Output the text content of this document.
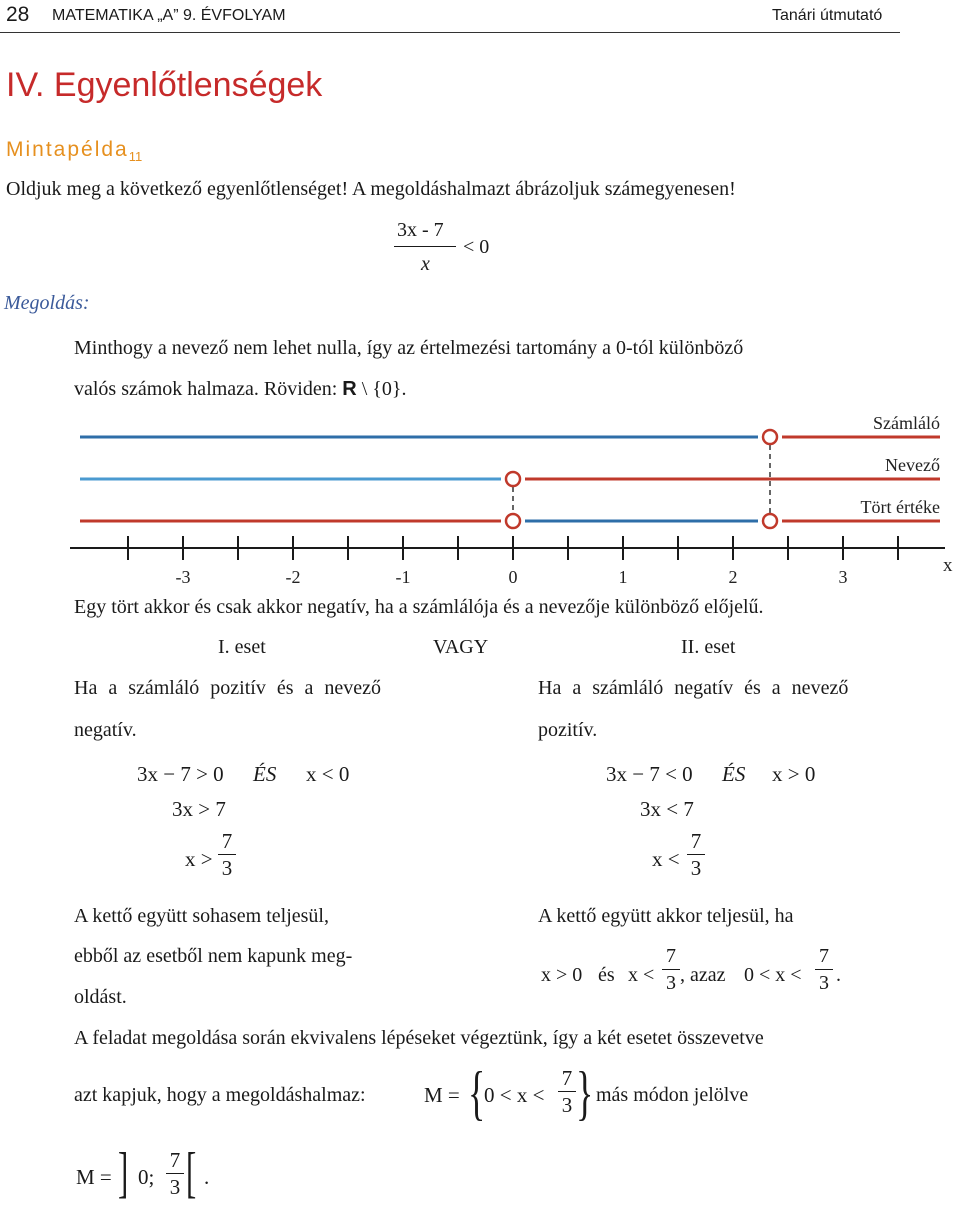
28 MATEMATIKA „A” 9. ÉVFOLYAM	Tanári útmutató
IV. Egyenlőtlenségek
Mintapélda$_{11}$
Oldjuk meg a következő egyenlőtlenséget! A megoldáshalmazt ábrázoljuk számegyenesen!
3x - 7
x
< 0
Megoldás:
Minthogy a nevező nem lehet nulla, így az értelmezési tartomány a 0-tól különböző
valós számok halmaza. Röviden: R \ {0}.
-3	-2	-1	0	1	2	3
Számláló
Nevező
Tört értéke
x
Egy tört akkor és csak akkor negatív, ha a számlálója és a nevezője különböző előjelű.
I. eset	VAGY	II. eset
Ha a számláló pozitív és a nevező
negatív.
3x − 7 > 0 ÉS x < 0
3x > 7
x >
7
3
A kettő együtt sohasem teljesül,
ebből az esetből nem kapunk meg-
oldást.
Ha a számláló negatív és a nevező
pozitív.
3x − 7 < 0 ÉS x > 0
3x < 7
x <
7
3
A kettő együtt akkor teljesül, ha
x > 0 és x <
7
3 , azaz 0 < x <
7
3 .
A feladat megoldása során ekvivalens lépéseket végeztünk, így a két esetet összevetve
azt kapjuk, hogy a megoldáshalmaz:	M = {
0 < x <
7
3 } más módon jelölve
M = ] 0;
7
3 [ .
